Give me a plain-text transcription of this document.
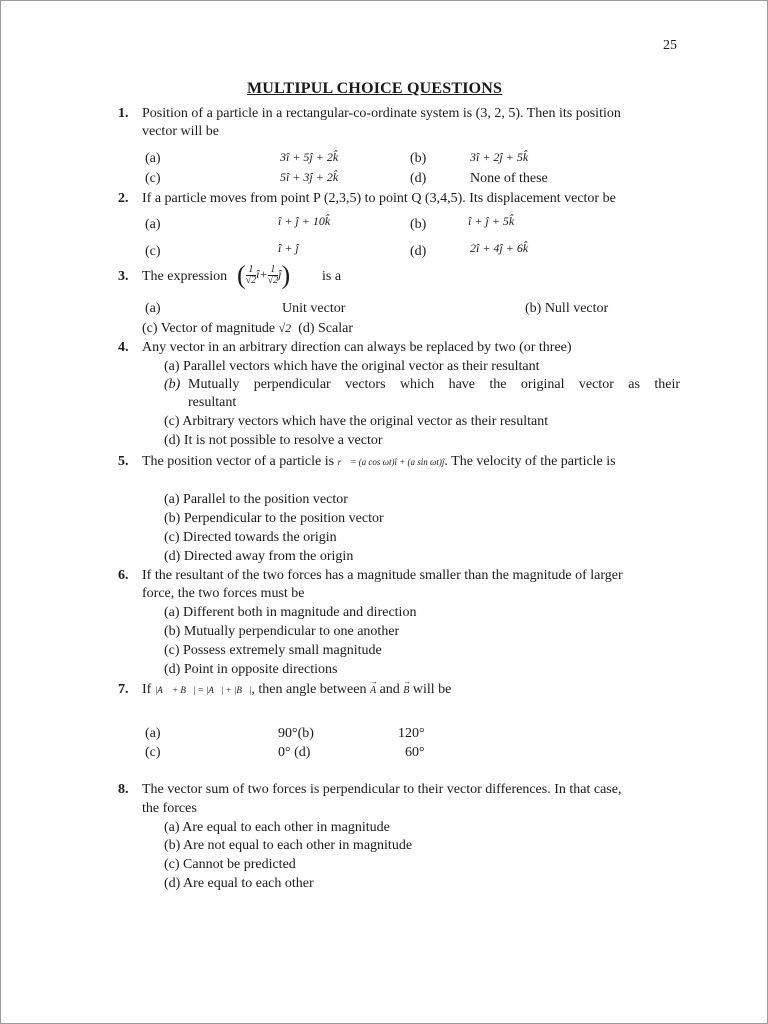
25
MULTIPUL CHOICE QUESTIONS
1. Position of a particle in a rectangular-co-ordinate system is (3, 2, 5). Then its position
vector will be
(a)	3î + 5ĵ + 2k̂	(b)	3î + 2ĵ + 5k̂
(c)	5î + 3ĵ + 2k̂	(d)	None of these
2. If a particle moves from point P (2,3,5) to point Q (3,4,5). Its displacement vector be
(a)	î + ĵ + 10k̂	(b)	î + ĵ + 5k̂
(c)	î + ĵ	(d)	2î + 4ĵ + 6k̂
3. The expression ( $\frac{1}{√2}$ î+ $\frac{1}{√2}$ ĵ) is a
(a)	Unit vector	(b) Null vector
(c) Vector of magnitude √2 (d) Scalar
4. Any vector in an arbitrary direction can always be replaced by two (or three)
(a) Parallel vectors which have the original vector as their resultant
(b) Mutually perpendicular vectors which have the original vector as their
resultant
(c) Arbitrary vectors which have the original vector as their resultant
(d) It is not possible to resolve a vector
5. The position vector of a particle is r⃗ = (a cos ωt)î + (a sin ωt)ĵ. The velocity of the particle is
(a) Parallel to the position vector
(b) Perpendicular to the position vector
(c) Directed towards the origin
(d) Directed away from the origin
6. If the resultant of the two forces has a magnitude smaller than the magnitude of larger
force, the two forces must be
(a) Different both in magnitude and direction
(b) Mutually perpendicular to one another
(c) Possess extremely small magnitude
(d) Point in opposite directions
7. If |A⃗ + B⃗| = |A⃗| + |B⃗|, then angle between → A and → B will be
(a)	90°(b)	120°
(c)	0° (d)	60°
8. The vector sum of two forces is perpendicular to their vector differences. In that case,
the forces
(a) Are equal to each other in magnitude
(b) Are not equal to each other in magnitude
(c) Cannot be predicted
(d) Are equal to each other
